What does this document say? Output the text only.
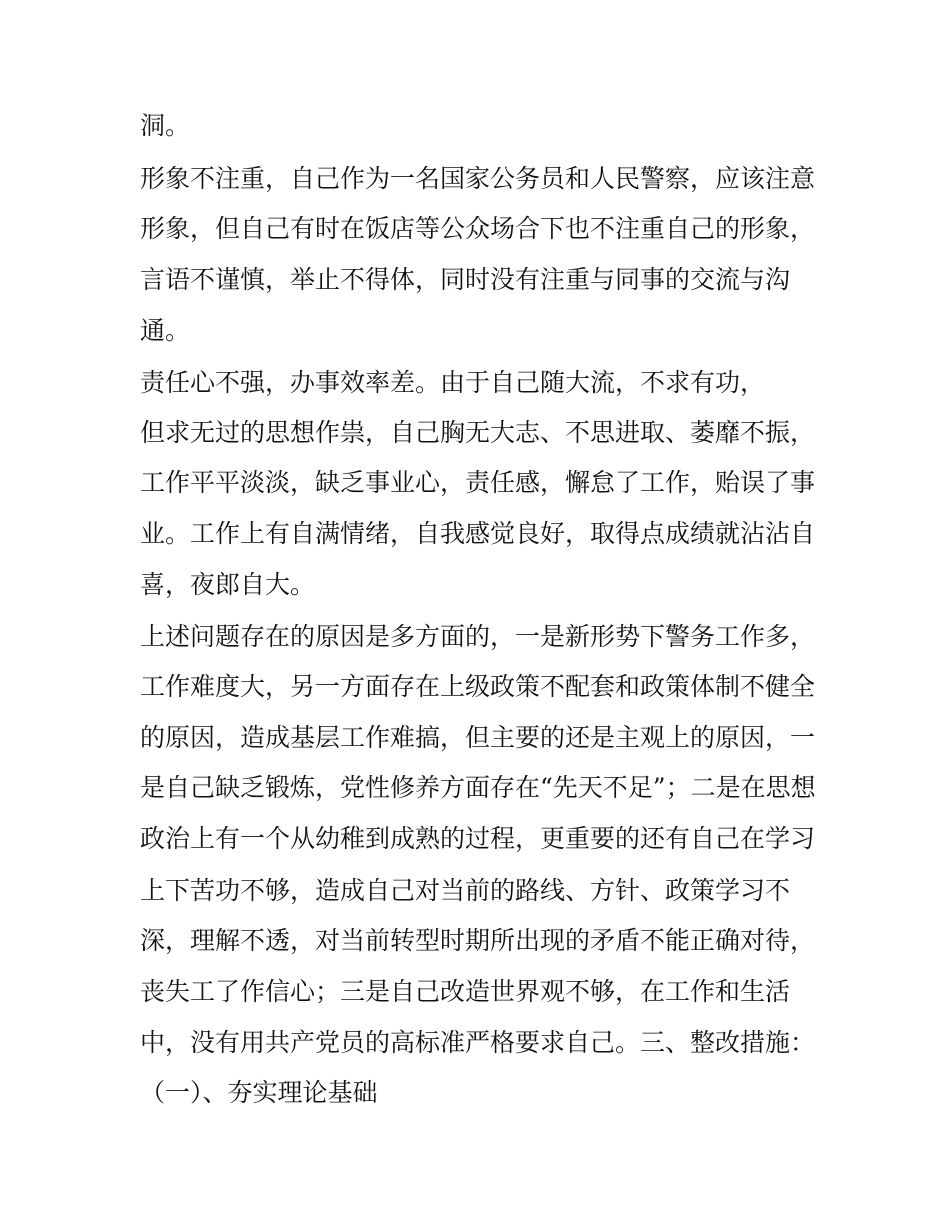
洞。
形象不注重，自己作为一名国家公务员和人民警察，应该注意
形象，但自己有时在饭店等公众场合下也不注重自己的形象，
言语不谨慎，举止不得体，同时没有注重与同事的交流与沟
通。
责任心不强，办事效率差。由于自己随大流，不求有功，
但求无过的思想作祟，自己胸无大志、不思进取、萎靡不振，
工作平平淡淡，缺乏事业心，责任感，懈怠了工作，贻误了事
业。工作上有自满情绪，自我感觉良好，取得点成绩就沾沾自
喜，夜郎自大。
上述问题存在的原因是多方面的，一是新形势下警务工作多，
工作难度大，另一方面存在上级政策不配套和政策体制不健全
的原因，造成基层工作难搞，但主要的还是主观上的原因，一
是自己缺乏锻炼，党性修养方面存在“先天不足”；二是在思想
政治上有一个从幼稚到成熟的过程，更重要的还有自己在学习
上下苦功不够，造成自己对当前的路线、方针、政策学习不
深，理解不透，对当前转型时期所出现的矛盾不能正确对待，
丧失工了作信心；三是自己改造世界观不够，在工作和生活
中，没有用共产党员的高标准严格要求自己。三、整改措施：
（一）、夯实理论基础
